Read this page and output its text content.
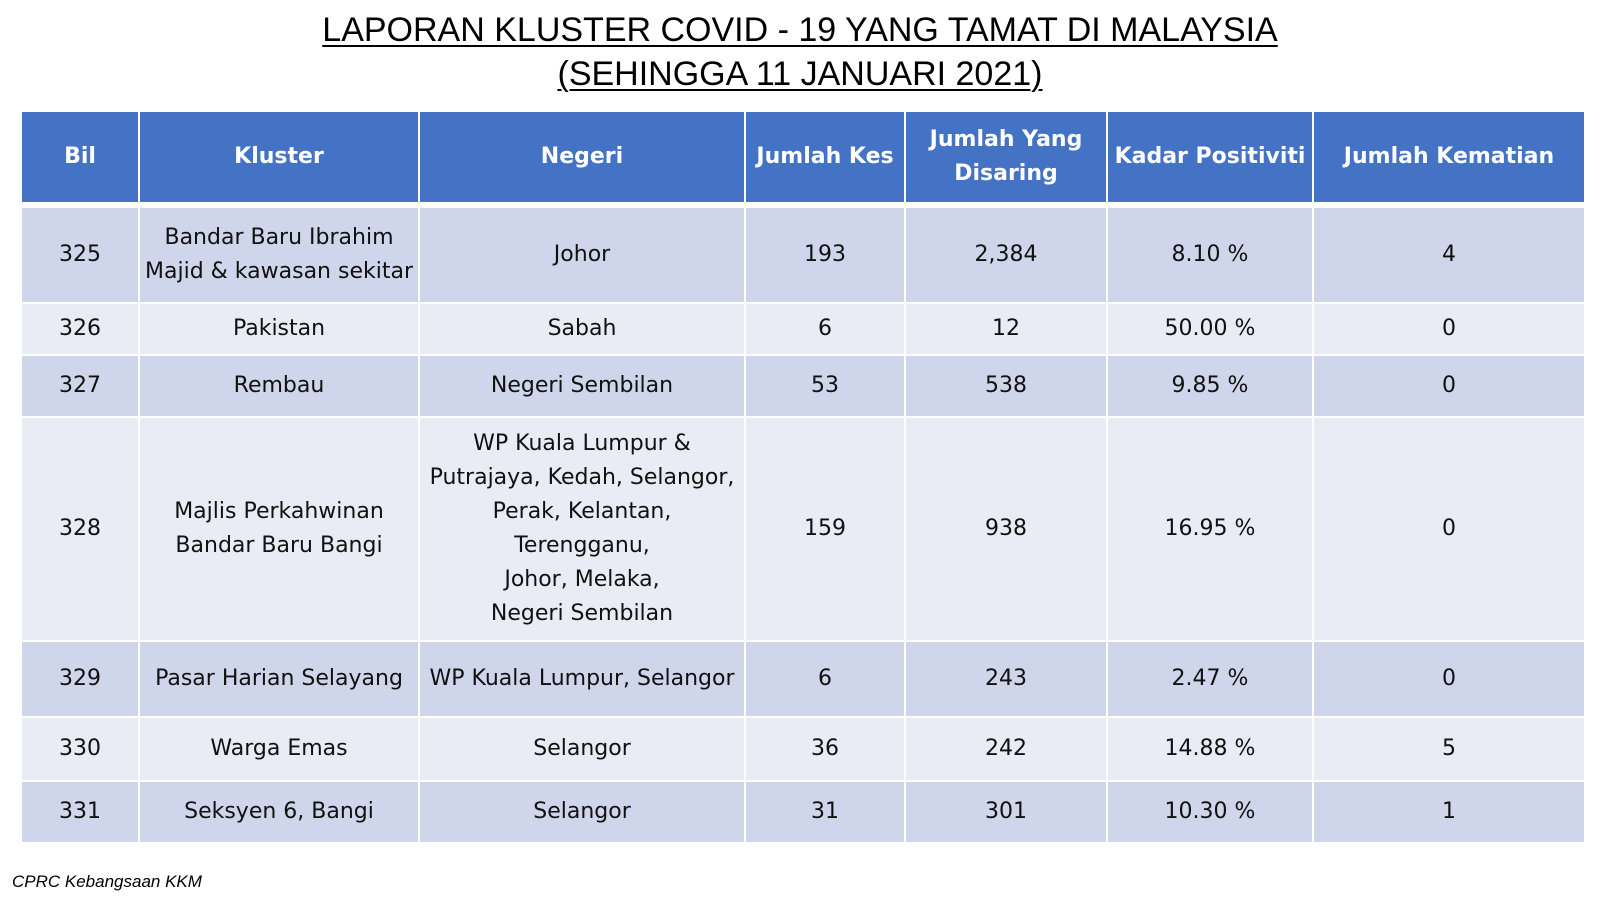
LAPORAN KLUSTER COVID - 19 YANG TAMAT DI MALAYSIA
(SEHINGGA 11 JANUARI 2021)
Bil	Kluster	Negeri	Jumlah Kes	Jumlah Yang Disaring	Kadar Positiviti	Jumlah Kematian
325	Bandar Baru Ibrahim
Majid & kawasan sekitar	Johor	193	2,384	8.10 %	4
326	Pakistan	Sabah	6	12	50.00 %	0
327	Rembau	Negeri Sembilan	53	538	9.85 %	0
328	Majlis Perkahwinan
Bandar Baru Bangi	WP Kuala Lumpur &
Putrajaya, Kedah, Selangor,
Perak, Kelantan, Terengganu,
Johor, Melaka,
Negeri Sembilan	159	938	16.95 %	0
329	Pasar Harian Selayang	WP Kuala Lumpur, Selangor	6	243	2.47 %	0
330	Warga Emas	Selangor	36	242	14.88 %	5
331	Seksyen 6, Bangi	Selangor	31	301	10.30 %	1
CPRC Kebangsaan KKM
